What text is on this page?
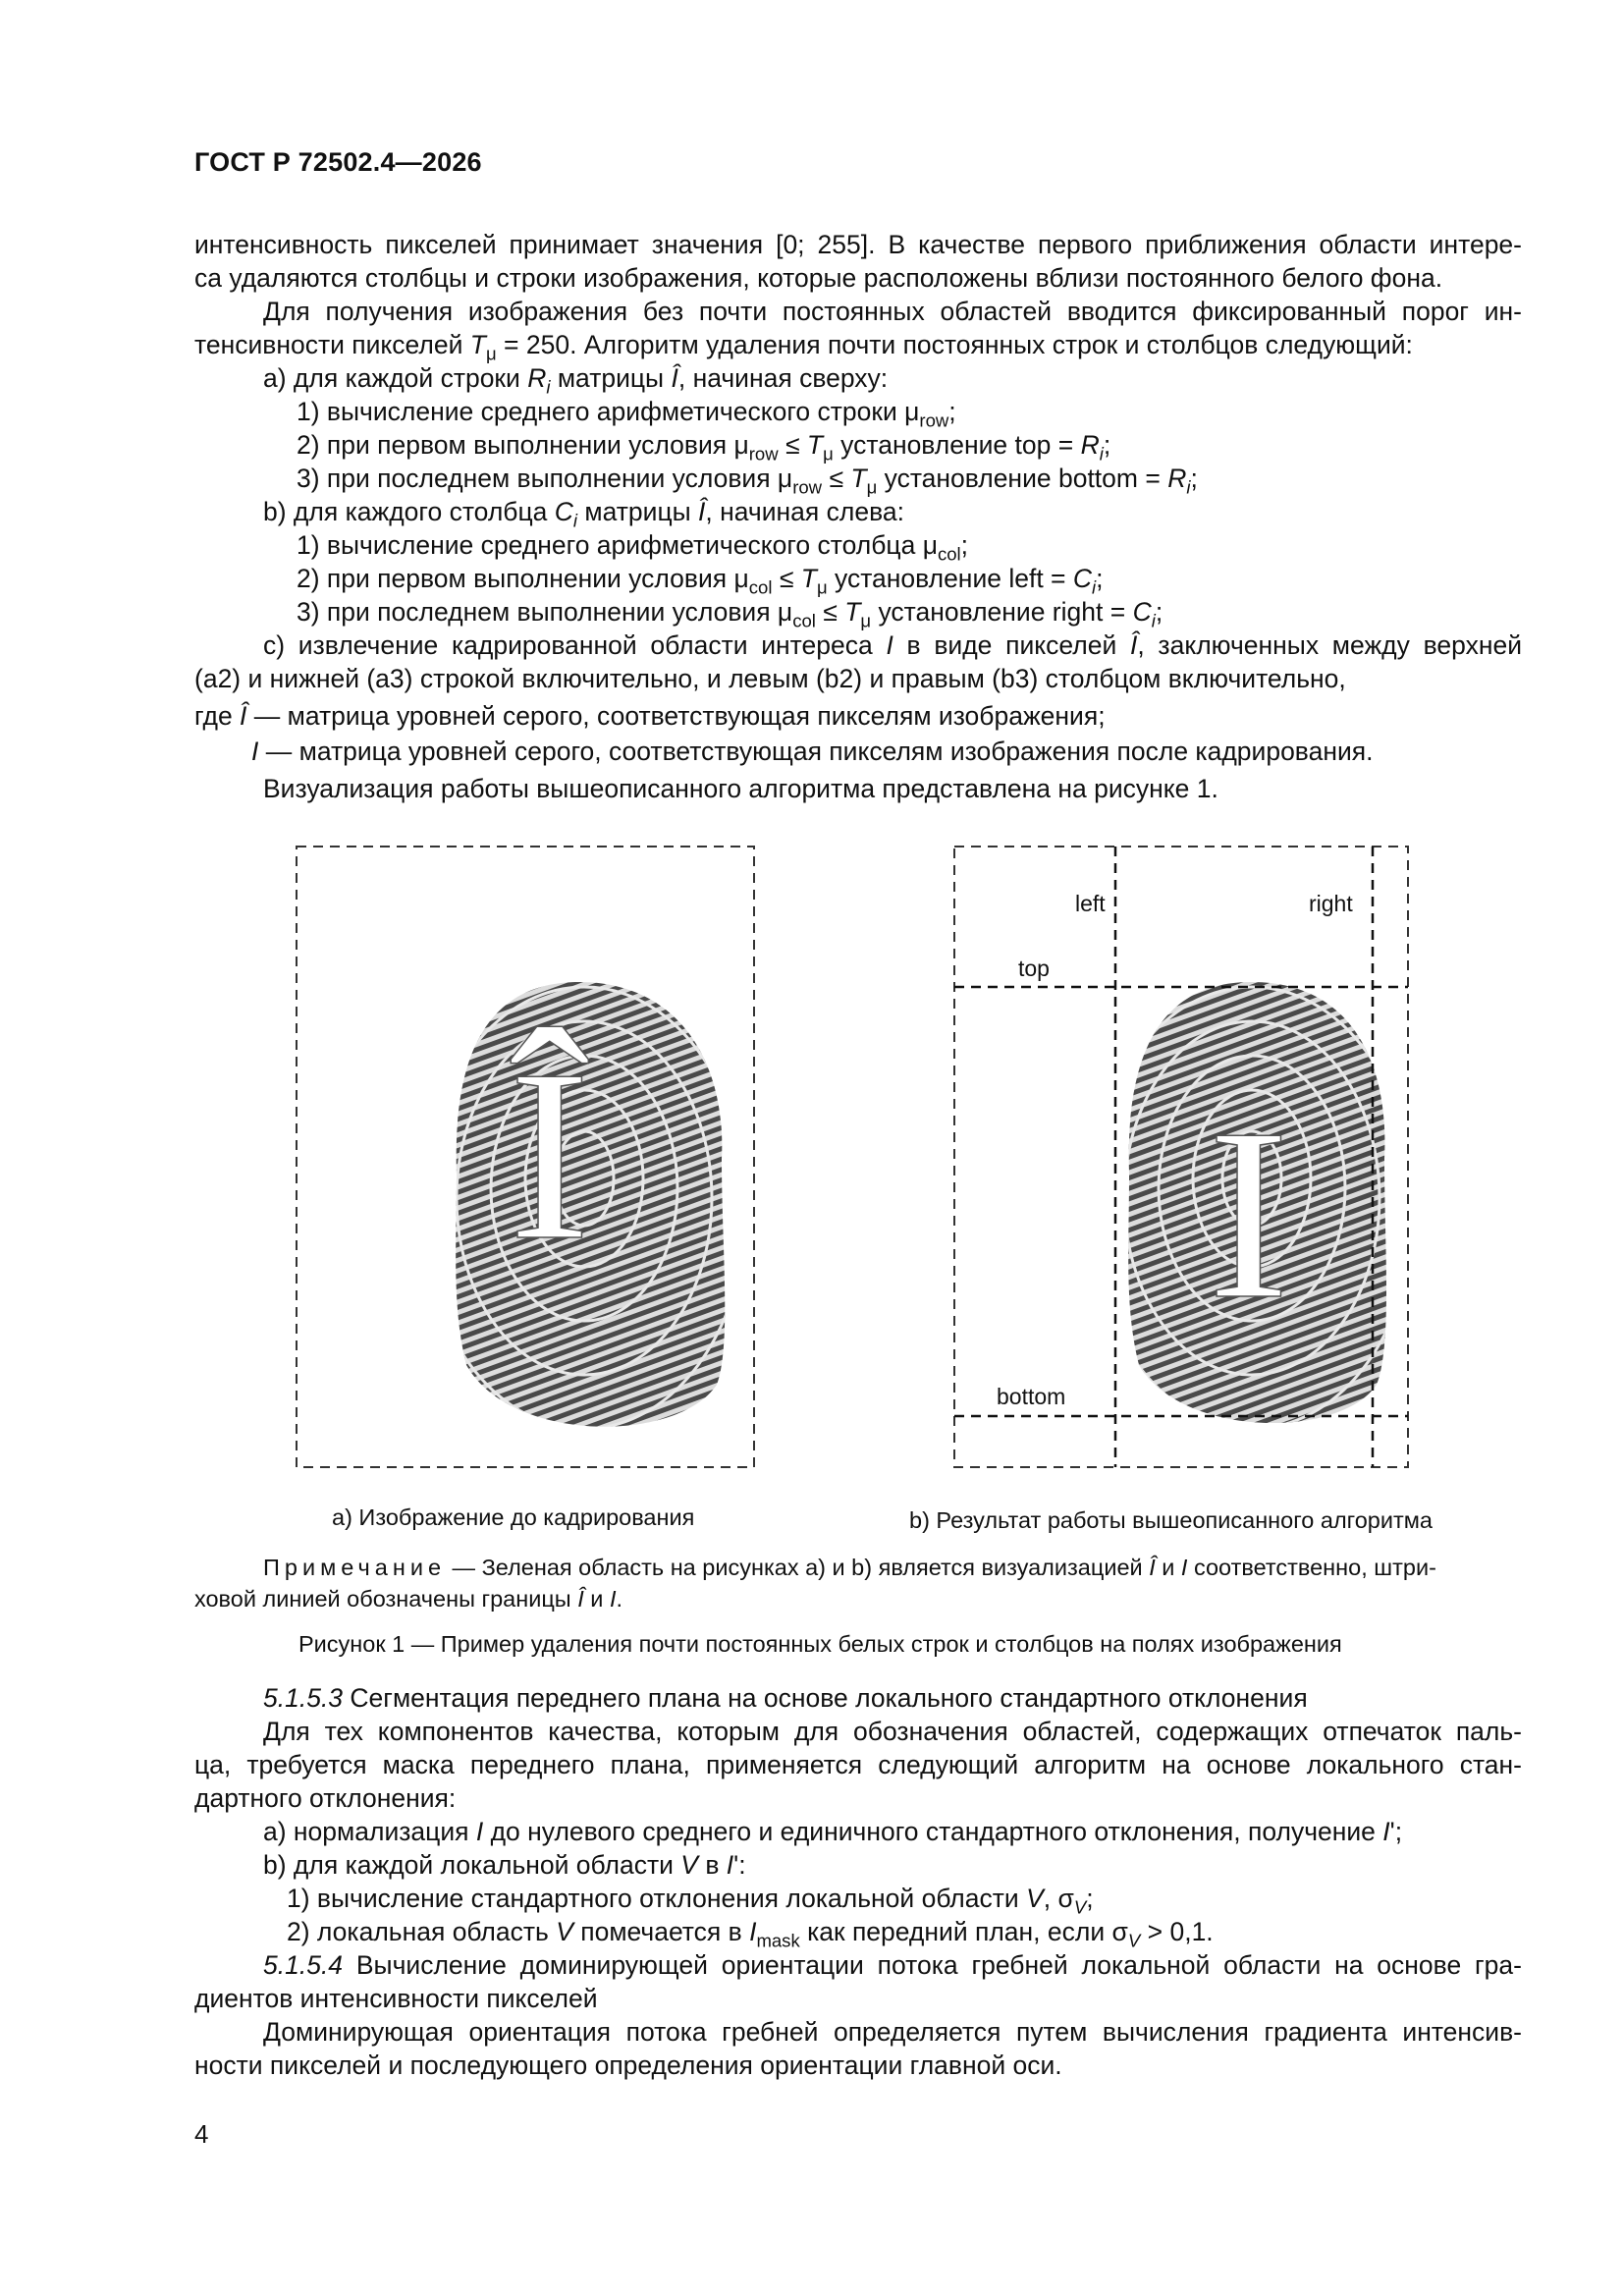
ГОСТ Р 72502.4—2026
интенсивность пикселей принимает значения [0; 255]. В качестве первого приближения области интере-
са удаляются столбцы и строки изображения, которые расположены вблизи постоянного белого фона.
Для получения изображения без почти постоянных областей вводится фиксированный порог ин-
тенсивности пикселей $T_\mu = 250$. Алгоритм удаления почти постоянных строк и столбцов следующий:
а) для каждой строки $R_i$ матрицы Î, начиная сверху:
1) вычисление среднего арифметического строки $\mu_{row}$;
2) при первом выполнении условия $\mu_{row} \le T_\mu$ установление top = $R_i$;
3) при последнем выполнении условия $\mu_{row} \le T_\mu$ установление bottom = $R_i$;
b) для каждого столбца $C_i$ матрицы Î, начиная слева:
1) вычисление среднего арифметического столбца $\mu_{col}$;
2) при первом выполнении условия $\mu_{col} \le T_\mu$ установление left = $C_i$;
3) при последнем выполнении условия $\mu_{col} \le T_\mu$ установление right = $C_i$;
с) извлечение кадрированной области интереса I в виде пикселей Î, заключенных между верхней
(a2) и нижней (a3) строкой включительно, и левым (b2) и правым (b3) столбцом включительно,
где Î — матрица уровней серого, соответствующая пикселям изображения;
I — матрица уровней серого, соответствующая пикселям изображения после кадрирования.
Визуализация работы вышеописанного алгоритма представлена на рисунке 1.
Î
left	right
top
bottom
I
а) Изображение до кадрирования	b) Результат работы вышеописанного алгоритма
Примечание — Зеленая область на рисунках а) и b) является визуализацией Î и I соответственно, штри-
ховой линией обозначены границы Î и I.
Рисунок 1 — Пример удаления почти постоянных белых строк и столбцов на полях изображения
5.1.5.3 Сегментация переднего плана на основе локального стандартного отклонения
Для тех компонентов качества, которым для обозначения областей, содержащих отпечаток паль-
ца, требуется маска переднего плана, применяется следующий алгоритм на основе локального стан-
дартного отклонения:
а) нормализация I до нулевого среднего и единичного стандартного отклонения, получение I';
b) для каждой локальной области V в I':
1) вычисление стандартного отклонения локальной области V, $\sigma_V$;
2) локальная область V помечается в $I_{mask}$ как передний план, если $\sigma_V > 0,1$.
5.1.5.4 Вычисление доминирующей ориентации потока гребней локальной области на основе гра-
диентов интенсивности пикселей
Доминирующая ориентация потока гребней определяется путем вычисления градиента интенсив-
ности пикселей и последующего определения ориентации главной оси.
4
